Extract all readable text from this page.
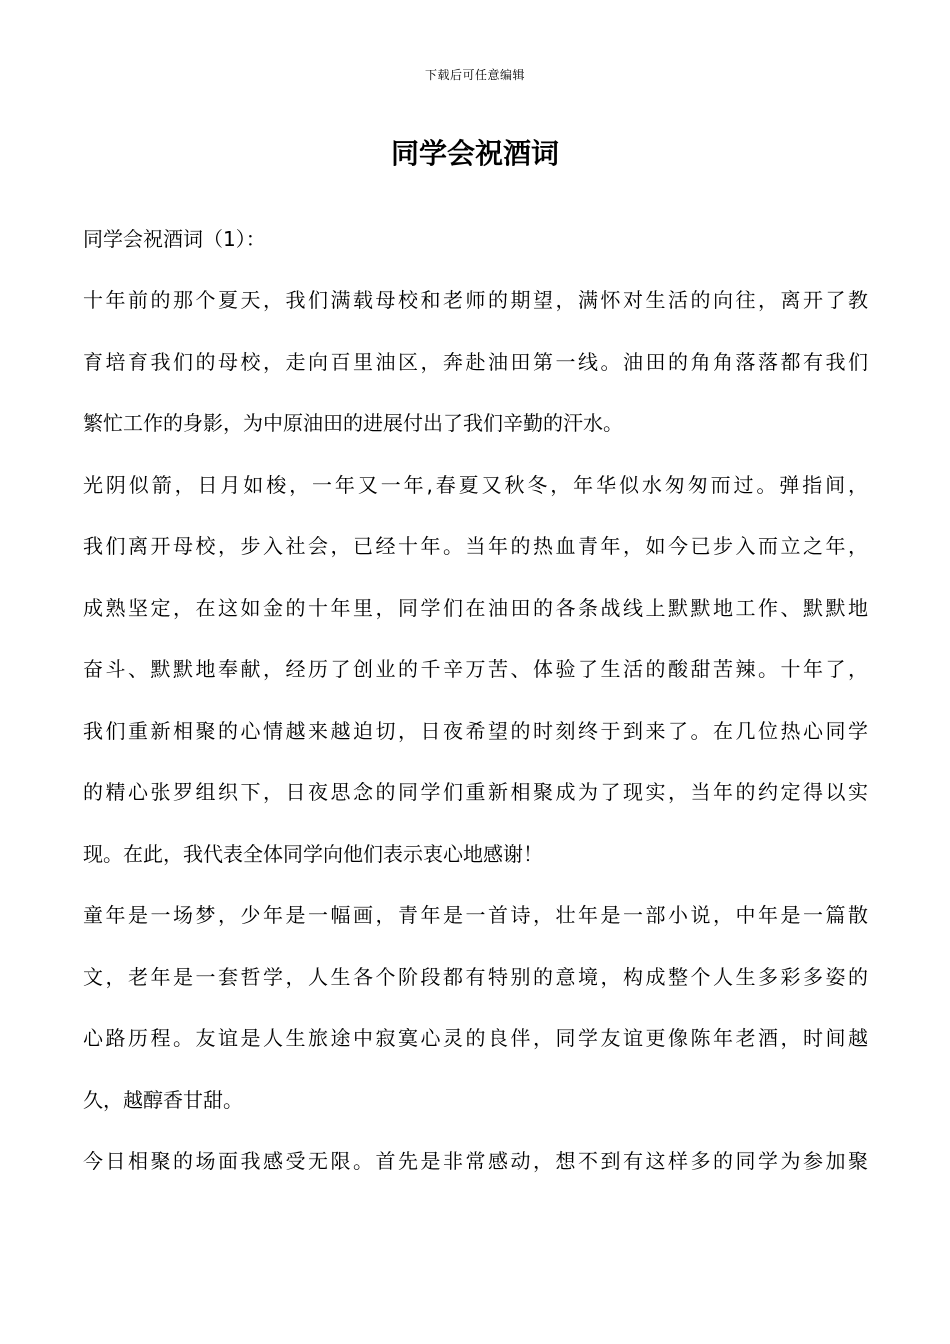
下载后可任意编辑
同学会祝酒词
同学会祝酒词（1）：
十年前的那个夏天，我们满载母校和老师的期望，满怀对生活的向往，离开了教
育培育我们的母校，走向百里油区，奔赴油田第一线。油田的角角落落都有我们
繁忙工作的身影，为中原油田的进展付出了我们辛勤的汗水。
光阴似箭，日月如梭，一年又一年,春夏又秋冬，年华似水匆匆而过。弹指间，
我们离开母校，步入社会，已经十年。当年的热血青年，如今已步入而立之年，
成熟坚定，在这如金的十年里，同学们在油田的各条战线上默默地工作、默默地
奋斗、默默地奉献，经历了创业的千辛万苦、体验了生活的酸甜苦辣。十年了，
我们重新相聚的心情越来越迫切，日夜希望的时刻终于到来了。在几位热心同学
的精心张罗组织下，日夜思念的同学们重新相聚成为了现实，当年的约定得以实
现。在此，我代表全体同学向他们表示衷心地感谢！
童年是一场梦，少年是一幅画，青年是一首诗，壮年是一部小说，中年是一篇散
文，老年是一套哲学，人生各个阶段都有特别的意境，构成整个人生多彩多姿的
心路历程。友谊是人生旅途中寂寞心灵的良伴，同学友谊更像陈年老酒，时间越
久，越醇香甘甜。
今日相聚的场面我感受无限。首先是非常感动，想不到有这样多的同学为参加聚
